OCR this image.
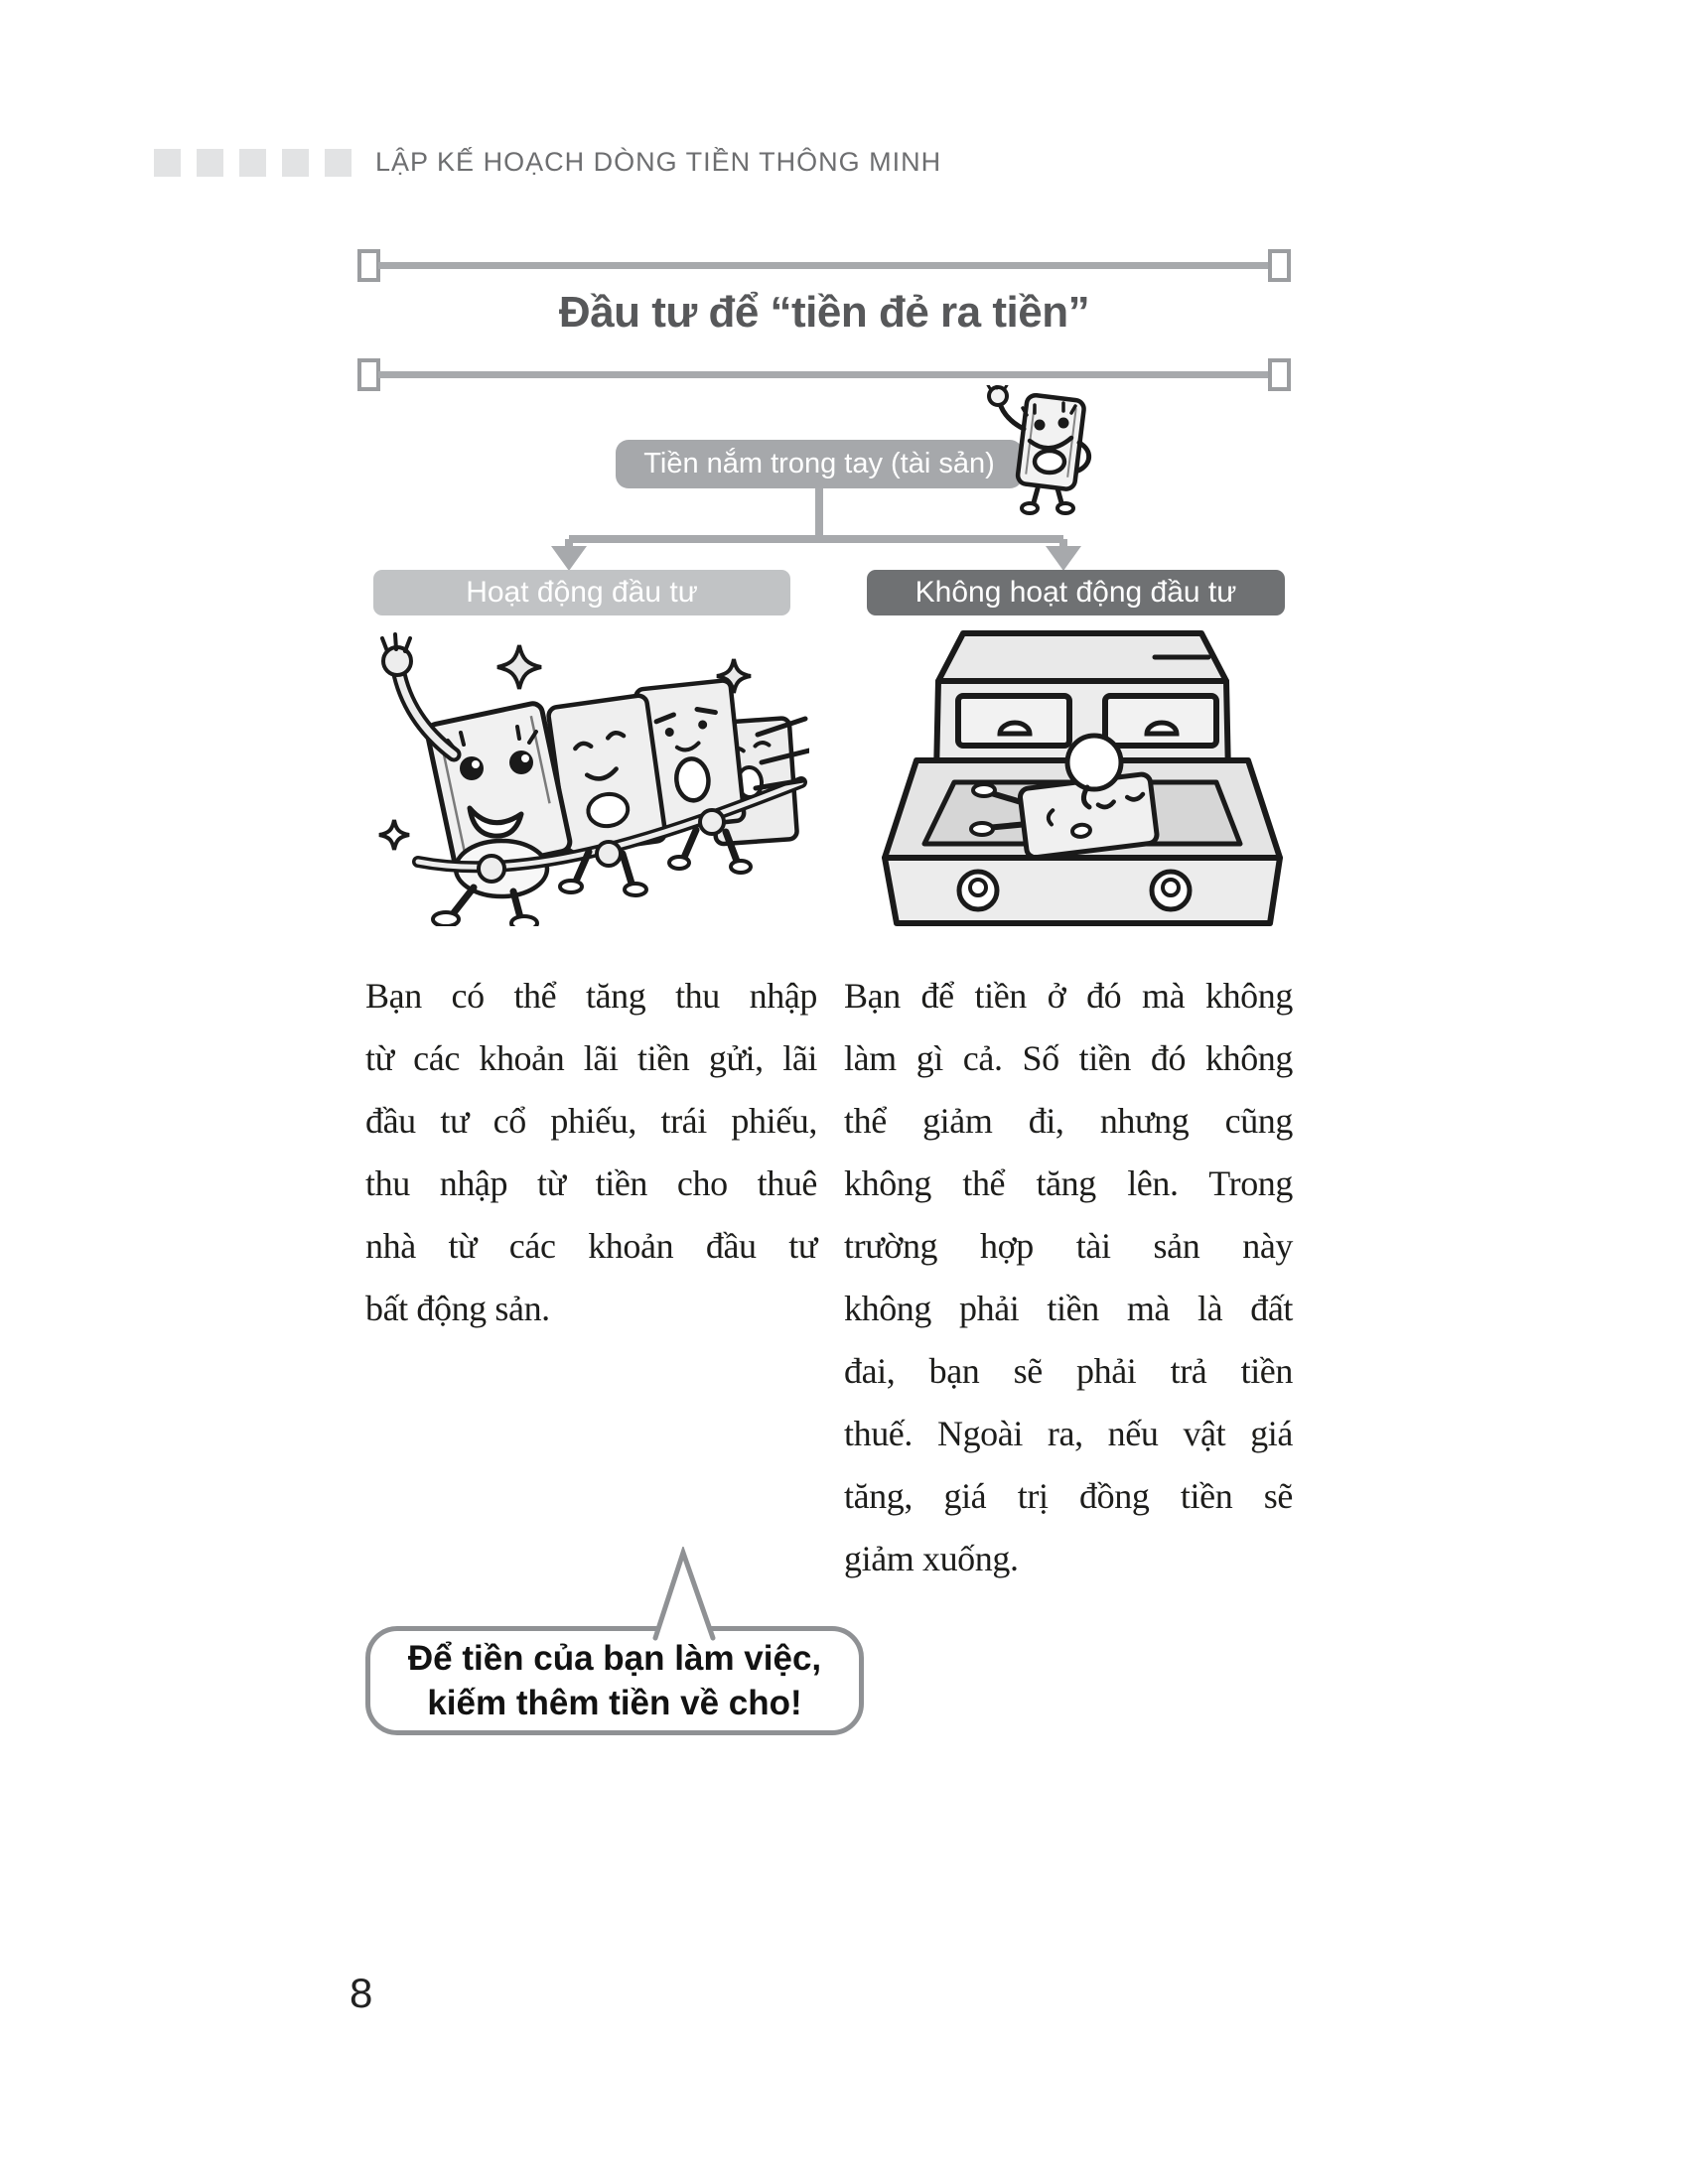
LẬP KẾ HOẠCH DÒNG TIỀN THÔNG MINH
Đầu tư để “tiền đẻ ra tiền”
Tiền nắm trong tay (tài sản)
Hoạt động đầu tư	Không hoạt động đầu tư
Bạn có thể tăng thu nhập
từ các khoản lãi tiền gửi, lãi
đầu tư cổ phiếu, trái phiếu,
thu nhập từ tiền cho thuê
nhà từ các khoản đầu tư
bất động sản.
Bạn để tiền ở đó mà không
làm gì cả. Số tiền đó không
thể giảm đi, nhưng cũng
không thể tăng lên. Trong
trường hợp tài sản này
không phải tiền mà là đất
đai, bạn sẽ phải trả tiền
thuế. Ngoài ra, nếu vật giá
tăng, giá trị đồng tiền sẽ
giảm xuống.
Để tiền của bạn làm việc,
kiếm thêm tiền về cho!
8
